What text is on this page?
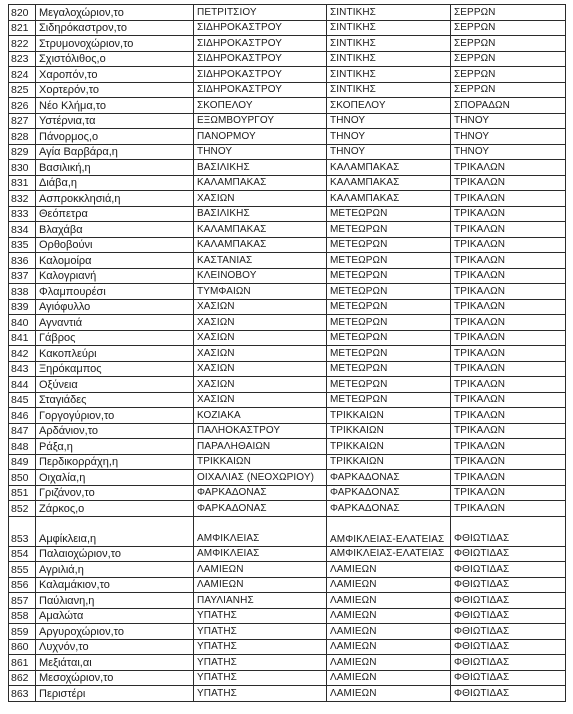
820	Μεγαλοχώριον,το	ΠΕΤΡΙΤΣΙΟΥ	ΣΙΝΤΙΚΗΣ	ΣΕΡΡΩΝ
821	Σιδηρόκαστρον,το	ΣΙΔΗΡΟΚΑΣΤΡΟΥ	ΣΙΝΤΙΚΗΣ	ΣΕΡΡΩΝ
822	Στρυμονοχώριον,το	ΣΙΔΗΡΟΚΑΣΤΡΟΥ	ΣΙΝΤΙΚΗΣ	ΣΕΡΡΩΝ
823	Σχιστόλιθος,ο	ΣΙΔΗΡΟΚΑΣΤΡΟΥ	ΣΙΝΤΙΚΗΣ	ΣΕΡΡΩΝ
824	Χαροπόν,το	ΣΙΔΗΡΟΚΑΣΤΡΟΥ	ΣΙΝΤΙΚΗΣ	ΣΕΡΡΩΝ
825	Χορτερόν,το	ΣΙΔΗΡΟΚΑΣΤΡΟΥ	ΣΙΝΤΙΚΗΣ	ΣΕΡΡΩΝ
826	Νέο Κλήμα,το	ΣΚΟΠΕΛΟΥ	ΣΚΟΠΕΛΟΥ	ΣΠΟΡΑΔΩΝ
827	Υστέρνια,τα	ΕΞΩΜΒΟΥΡΓΟΥ	ΤΗΝΟΥ	ΤΗΝΟΥ
828	Πάνορμος,ο	ΠΑΝΟΡΜΟΥ	ΤΗΝΟΥ	ΤΗΝΟΥ
829	Αγία Βαρβάρα,η	ΤΗΝΟΥ	ΤΗΝΟΥ	ΤΗΝΟΥ
830	Βασιλική,η	ΒΑΣΙΛΙΚΗΣ	ΚΑΛΑΜΠΑΚΑΣ	ΤΡΙΚΑΛΩΝ
831	Διάβα,η	ΚΑΛΑΜΠΑΚΑΣ	ΚΑΛΑΜΠΑΚΑΣ	ΤΡΙΚΑΛΩΝ
832	Ασπροκκλησιά,η	ΧΑΣΙΩΝ	ΚΑΛΑΜΠΑΚΑΣ	ΤΡΙΚΑΛΩΝ
833	Θεόπετρα	ΒΑΣΙΛΙΚΗΣ	ΜΕΤΕΩΡΩΝ	ΤΡΙΚΑΛΩΝ
834	Βλαχάβα	ΚΑΛΑΜΠΑΚΑΣ	ΜΕΤΕΩΡΩΝ	ΤΡΙΚΑΛΩΝ
835	Ορθοβούνι	ΚΑΛΑΜΠΑΚΑΣ	ΜΕΤΕΩΡΩΝ	ΤΡΙΚΑΛΩΝ
836	Καλομοίρα	ΚΑΣΤΑΝΙΑΣ	ΜΕΤΕΩΡΩΝ	ΤΡΙΚΑΛΩΝ
837	Καλογριανή	ΚΛΕΙΝΟΒΟΥ	ΜΕΤΕΩΡΩΝ	ΤΡΙΚΑΛΩΝ
838	Φλαμπουρέσι	ΤΥΜΦΑΙΩΝ	ΜΕΤΕΩΡΩΝ	ΤΡΙΚΑΛΩΝ
839	Αγιόφυλλο	ΧΑΣΙΩΝ	ΜΕΤΕΩΡΩΝ	ΤΡΙΚΑΛΩΝ
840	Αγναντιά	ΧΑΣΙΩΝ	ΜΕΤΕΩΡΩΝ	ΤΡΙΚΑΛΩΝ
841	Γάβρος	ΧΑΣΙΩΝ	ΜΕΤΕΩΡΩΝ	ΤΡΙΚΑΛΩΝ
842	Κακοπλεύρι	ΧΑΣΙΩΝ	ΜΕΤΕΩΡΩΝ	ΤΡΙΚΑΛΩΝ
843	Ξηρόκαμπος	ΧΑΣΙΩΝ	ΜΕΤΕΩΡΩΝ	ΤΡΙΚΑΛΩΝ
844	Οξύνεια	ΧΑΣΙΩΝ	ΜΕΤΕΩΡΩΝ	ΤΡΙΚΑΛΩΝ
845	Σταγιάδες	ΧΑΣΙΩΝ	ΜΕΤΕΩΡΩΝ	ΤΡΙΚΑΛΩΝ
846	Γοργογύριον,το	ΚΟΖΙΑΚΑ	ΤΡΙΚΚΑΙΩΝ	ΤΡΙΚΑΛΩΝ
847	Αρδάνιον,το	ΠΑΛΗΟΚΑΣΤΡΟΥ	ΤΡΙΚΚΑΙΩΝ	ΤΡΙΚΑΛΩΝ
848	Ράξα,η	ΠΑΡΑΛΗΘΑΙΩΝ	ΤΡΙΚΚΑΙΩΝ	ΤΡΙΚΑΛΩΝ
849	Περδικορράχη,η	ΤΡΙΚΚΑΙΩΝ	ΤΡΙΚΚΑΙΩΝ	ΤΡΙΚΑΛΩΝ
850	Οιχαλία,η	ΟΙΧΑΛΙΑΣ (ΝΕΟΧΩΡΙΟΥ)	ΦΑΡΚΑΔΟΝΑΣ	ΤΡΙΚΑΛΩΝ
851	Γριζάνον,το	ΦΑΡΚΑΔΟΝΑΣ	ΦΑΡΚΑΔΟΝΑΣ	ΤΡΙΚΑΛΩΝ
852	Ζάρκος,ο	ΦΑΡΚΑΔΟΝΑΣ	ΦΑΡΚΑΔΟΝΑΣ	ΤΡΙΚΑΛΩΝ
853	Αμφίκλεια,η	ΑΜΦΙΚΛΕΙΑΣ	ΑΜΦΙΚΛΕΙΑΣ-ΕΛΑΤΕΙΑΣ	ΦΘΙΩΤΙΔΑΣ
854	Παλαιοχώριον,το	ΑΜΦΙΚΛΕΙΑΣ	ΑΜΦΙΚΛΕΙΑΣ-ΕΛΑΤΕΙΑΣ	ΦΘΙΩΤΙΔΑΣ
855	Αγριλιά,η	ΛΑΜΙΕΩΝ	ΛΑΜΙΕΩΝ	ΦΘΙΩΤΙΔΑΣ
856	Καλαμάκιον,το	ΛΑΜΙΕΩΝ	ΛΑΜΙΕΩΝ	ΦΘΙΩΤΙΔΑΣ
857	Παύλιανη,η	ΠΑΥΛΙΑΝΗΣ	ΛΑΜΙΕΩΝ	ΦΘΙΩΤΙΔΑΣ
858	Αμαλώτα	ΥΠΑΤΗΣ	ΛΑΜΙΕΩΝ	ΦΘΙΩΤΙΔΑΣ
859	Αργυροχώριον,το	ΥΠΑΤΗΣ	ΛΑΜΙΕΩΝ	ΦΘΙΩΤΙΔΑΣ
860	Λυχνόν,το	ΥΠΑΤΗΣ	ΛΑΜΙΕΩΝ	ΦΘΙΩΤΙΔΑΣ
861	Μεξιάται,αι	ΥΠΑΤΗΣ	ΛΑΜΙΕΩΝ	ΦΘΙΩΤΙΔΑΣ
862	Μεσοχώριον,το	ΥΠΑΤΗΣ	ΛΑΜΙΕΩΝ	ΦΘΙΩΤΙΔΑΣ
863	Περιστέρι	ΥΠΑΤΗΣ	ΛΑΜΙΕΩΝ	ΦΘΙΩΤΙΔΑΣ
